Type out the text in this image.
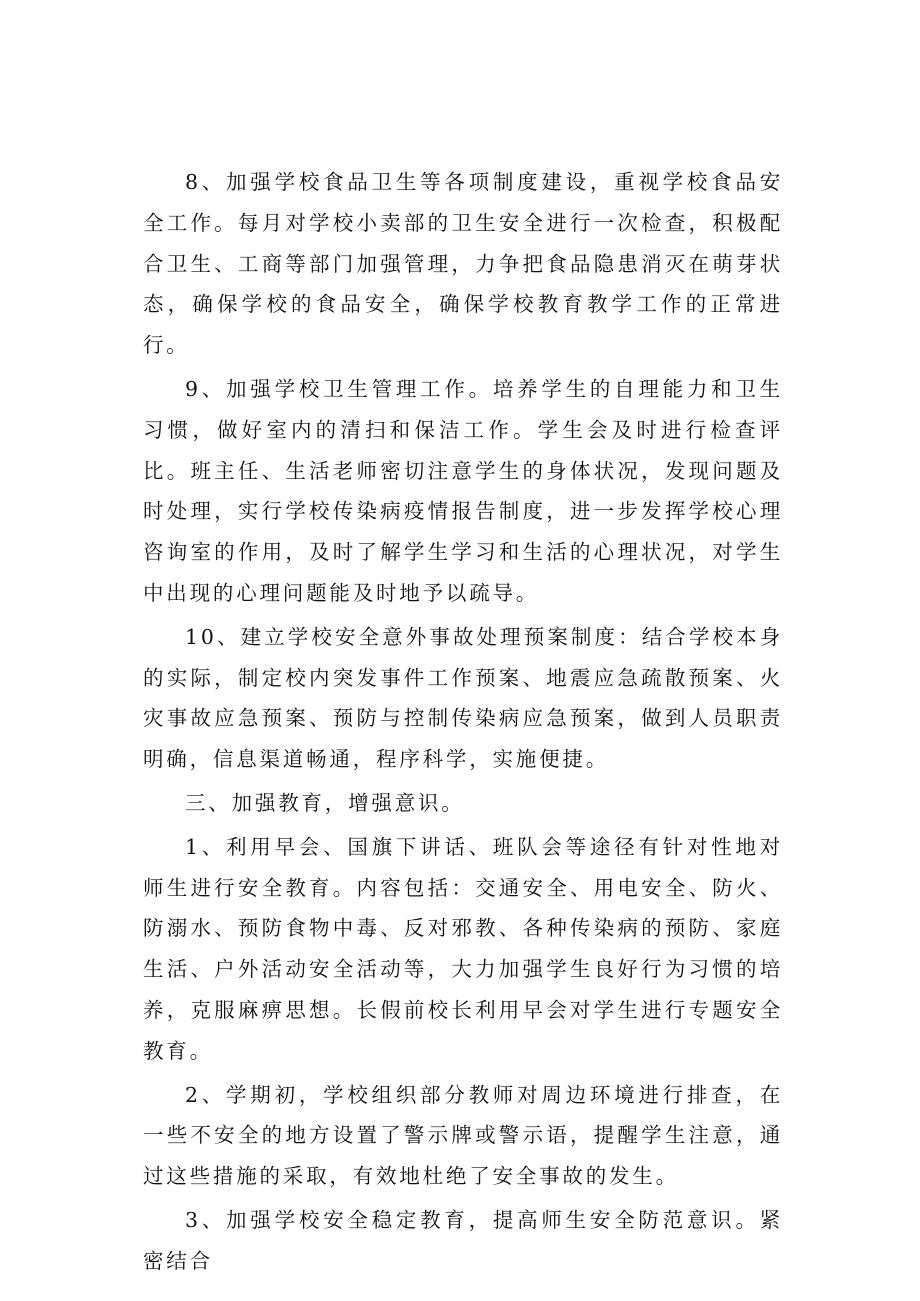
8、加强学校食品卫生等各项制度建设，重视学校食品安全工作。每月对学校小卖部的卫生安全进行一次检查，积极配合卫生、工商等部门加强管理，力争把食品隐患消灭在萌芽状态，确保学校的食品安全，确保学校教育教学工作的正常进行。

9、加强学校卫生管理工作。培养学生的自理能力和卫生习惯，做好室内的清扫和保洁工作。学生会及时进行检查评比。班主任、生活老师密切注意学生的身体状况，发现问题及时处理，实行学校传染病疫情报告制度，进一步发挥学校心理咨询室的作用，及时了解学生学习和生活的心理状况，对学生中出现的心理问题能及时地予以疏导。

10、建立学校安全意外事故处理预案制度：结合学校本身的实际，制定校内突发事件工作预案、地震应急疏散预案、火灾事故应急预案、预防与控制传染病应急预案，做到人员职责明确，信息渠道畅通，程序科学，实施便捷。

三、加强教育，增强意识。

1、利用早会、国旗下讲话、班队会等途径有针对性地对师生进行安全教育。内容包括：交通安全、用电安全、防火、防溺水、预防食物中毒、反对邪教、各种传染病的预防、家庭生活、户外活动安全活动等，大力加强学生良好行为习惯的培养，克服麻痹思想。长假前校长利用早会对学生进行专题安全教育。

2、学期初，学校组织部分教师对周边环境进行排查，在一些不安全的地方设置了警示牌或警示语，提醒学生注意，通过这些措施的采取，有效地杜绝了安全事故的发生。

3、加强学校安全稳定教育，提高师生安全防范意识。紧密结合
